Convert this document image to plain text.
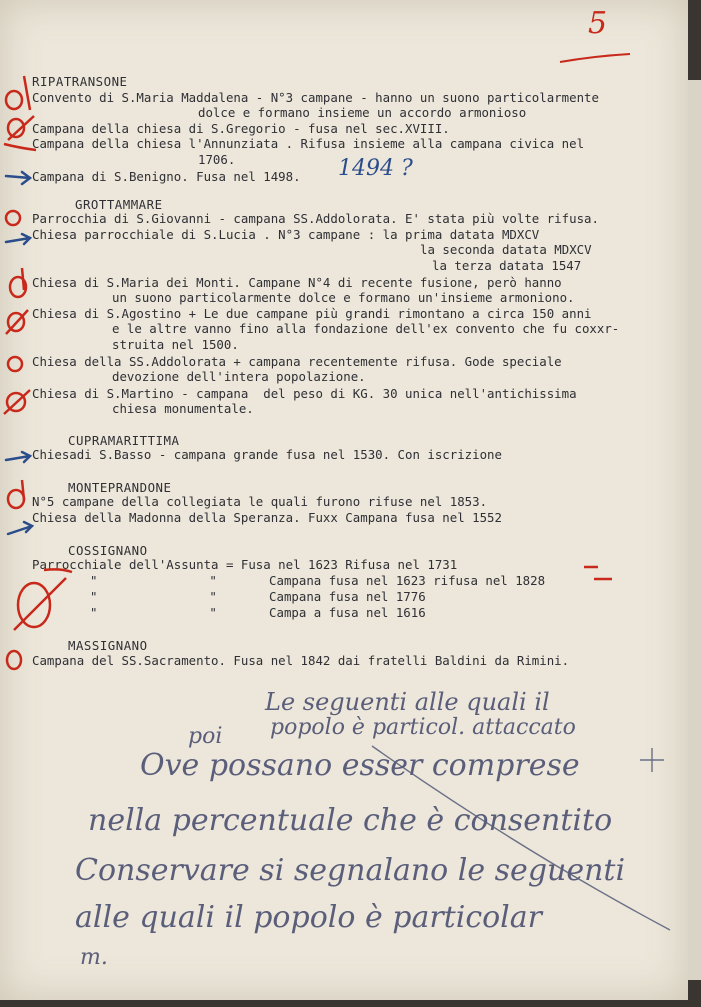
5
RIPATRANSONE
Convento di S.Maria Maddalena - N°3 campane - hanno un suono particolarmente
dolce e formano insieme un accordo armonioso
Campana della chiesa di S.Gregorio - fusa nel sec.XVIII.
Campana della chiesa l'Annunziata . Rifusa insieme alla campana civica nel
1706.
Campana di S.Benigno. Fusa nel 1498.
GROTTAMMARE
Parrocchia di S.Giovanni - campana SS.Addolorata. E' stata più volte rifusa.
Chiesa parrocchiale di S.Lucia . N°3 campane : la prima datata MDXCV
la seconda datata MDXCV
la terza datata 1547
Chiesa di S.Maria dei Monti. Campane N°4 di recente fusione, però hanno
un suono particolarmente dolce e formano un'insieme armoniono.
Chiesa di S.Agostino + Le due campane più grandi rimontano a circa 150 anni
e le altre vanno fino alla fondazione dell'ex convento che fu coxxr-
struita nel 1500.
Chiesa della SS.Addolorata + campana recentemente rifusa. Gode speciale
devozione dell'intera popolazione.
Chiesa di S.Martino - campana  del peso di KG. 30 unica nell'antichissima
chiesa monumentale.
CUPRAMARITTIMA
Chiesadi S.Basso - campana grande fusa nel 1530. Con iscrizione
MONTEPRANDONE
N°5 campane della collegiata le quali furono rifuse nel 1853.
Chiesa della Madonna della Speranza. Fuxx Campana fusa nel 1552
COSSIGNANO
Parrocchiale dell'Assunta = Fusa nel 1623 Rifusa nel 1731
"               "       Campana fusa nel 1623 rifusa nel 1828
"               "       Campana fusa nel 1776
"               "       Campa a fusa nel 1616
MASSIGNANO
Campana del SS.Sacramento. Fusa nel 1842 dai fratelli Baldini da Rimini.
1494 ?
Le seguenti alle quali il
poi popolo è particol. attaccato
Ove possano esser comprese
nella percentuale che è consentito
Conservare si segnalano le seguenti
alle quali il popolo è particolar
m.
